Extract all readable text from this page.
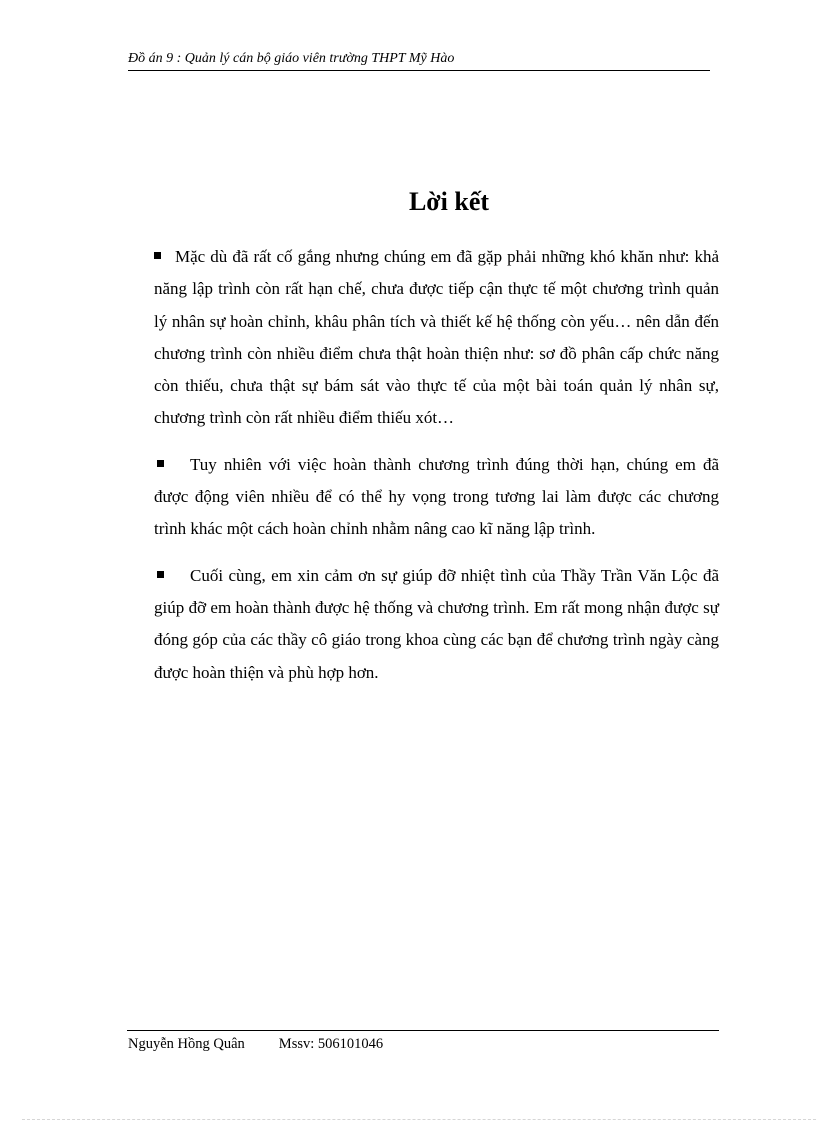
Đồ án 9 : Quản lý cán bộ giáo viên trường THPT Mỹ Hào
Lời kết

Mặc dù đã rất cố gắng nhưng chúng em đã gặp phải những khó khăn như: khả năng lập trình còn rất hạn chế, chưa được tiếp cận thực tế một chương trình quản lý nhân sự hoàn chỉnh, khâu phân tích và thiết kế hệ thống còn yếu… nên dẫn đến chương trình còn nhiều điểm chưa thật hoàn thiện như: sơ đồ phân cấp chức năng còn thiếu, chưa thật sự bám sát vào thực tế của một bài toán quản lý nhân sự, chương trình còn rất nhiều điểm thiếu xót…

Tuy nhiên với việc hoàn thành chương trình đúng thời hạn, chúng em đã được động viên nhiều để có thể hy vọng trong tương lai làm được các chương trình khác một cách hoàn chỉnh nhằm nâng cao kĩ năng lập trình.

Cuối cùng, em xin cảm ơn sự giúp đỡ nhiệt tình của Thầy Trần Văn Lộc đã giúp đỡ em hoàn thành được hệ thống và chương trình. Em rất mong nhận được sự đóng góp của các thầy cô giáo trong khoa cùng các bạn để chương trình ngày càng được hoàn thiện và phù hợp hơn.

Nguyễn Hồng Quân Mssv: 506101046
